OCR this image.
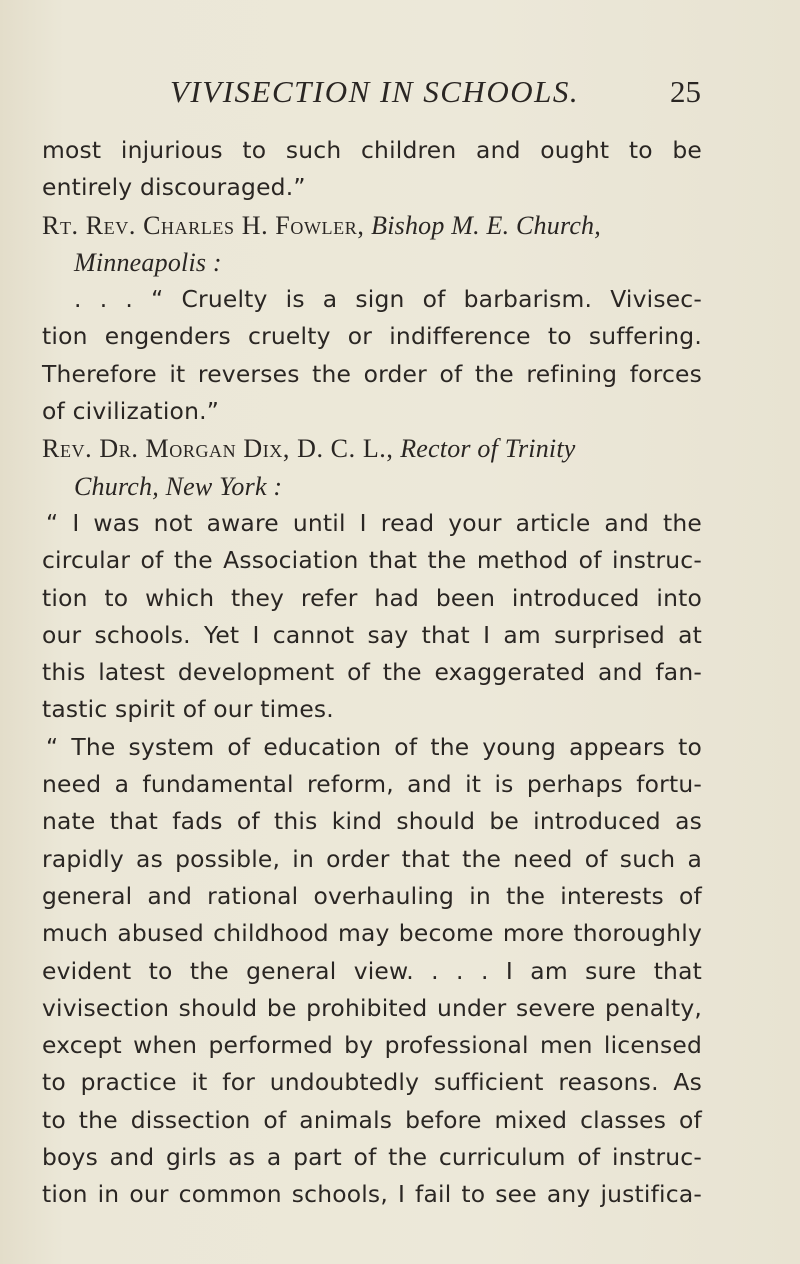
VIVISECTION IN SCHOOLS.	25
most injurious to such children and ought to be
entirely discouraged.”
Rt. Rev. Charles H. Fowler, Bishop M. E. Church,
Minneapolis :
. . . “ Cruelty is a sign of barbarism. Vivisec-
tion engenders cruelty or indifference to suffering.
Therefore it reverses the order of the refining forces
of civilization.”
Rev. Dr. Morgan Dix, D. C. L., Rector of Trinity
Church, New York :
“ I was not aware until I read your article and the
circular of the Association that the method of instruc-
tion to which they refer had been introduced into
our schools. Yet I cannot say that I am surprised at
this latest development of the exaggerated and fan-
tastic spirit of our times.
“ The system of education of the young appears to
need a fundamental reform, and it is perhaps fortu-
nate that fads of this kind should be introduced as
rapidly as possible, in order that the need of such a
general and rational overhauling in the interests of
much abused childhood may become more thoroughly
evident to the general view. . . . I am sure that
vivisection should be prohibited under severe penalty,
except when performed by professional men licensed
to practice it for undoubtedly sufficient reasons. As
to the dissection of animals before mixed classes of
boys and girls as a part of the curriculum of instruc-
tion in our common schools, I fail to see any justifica-
